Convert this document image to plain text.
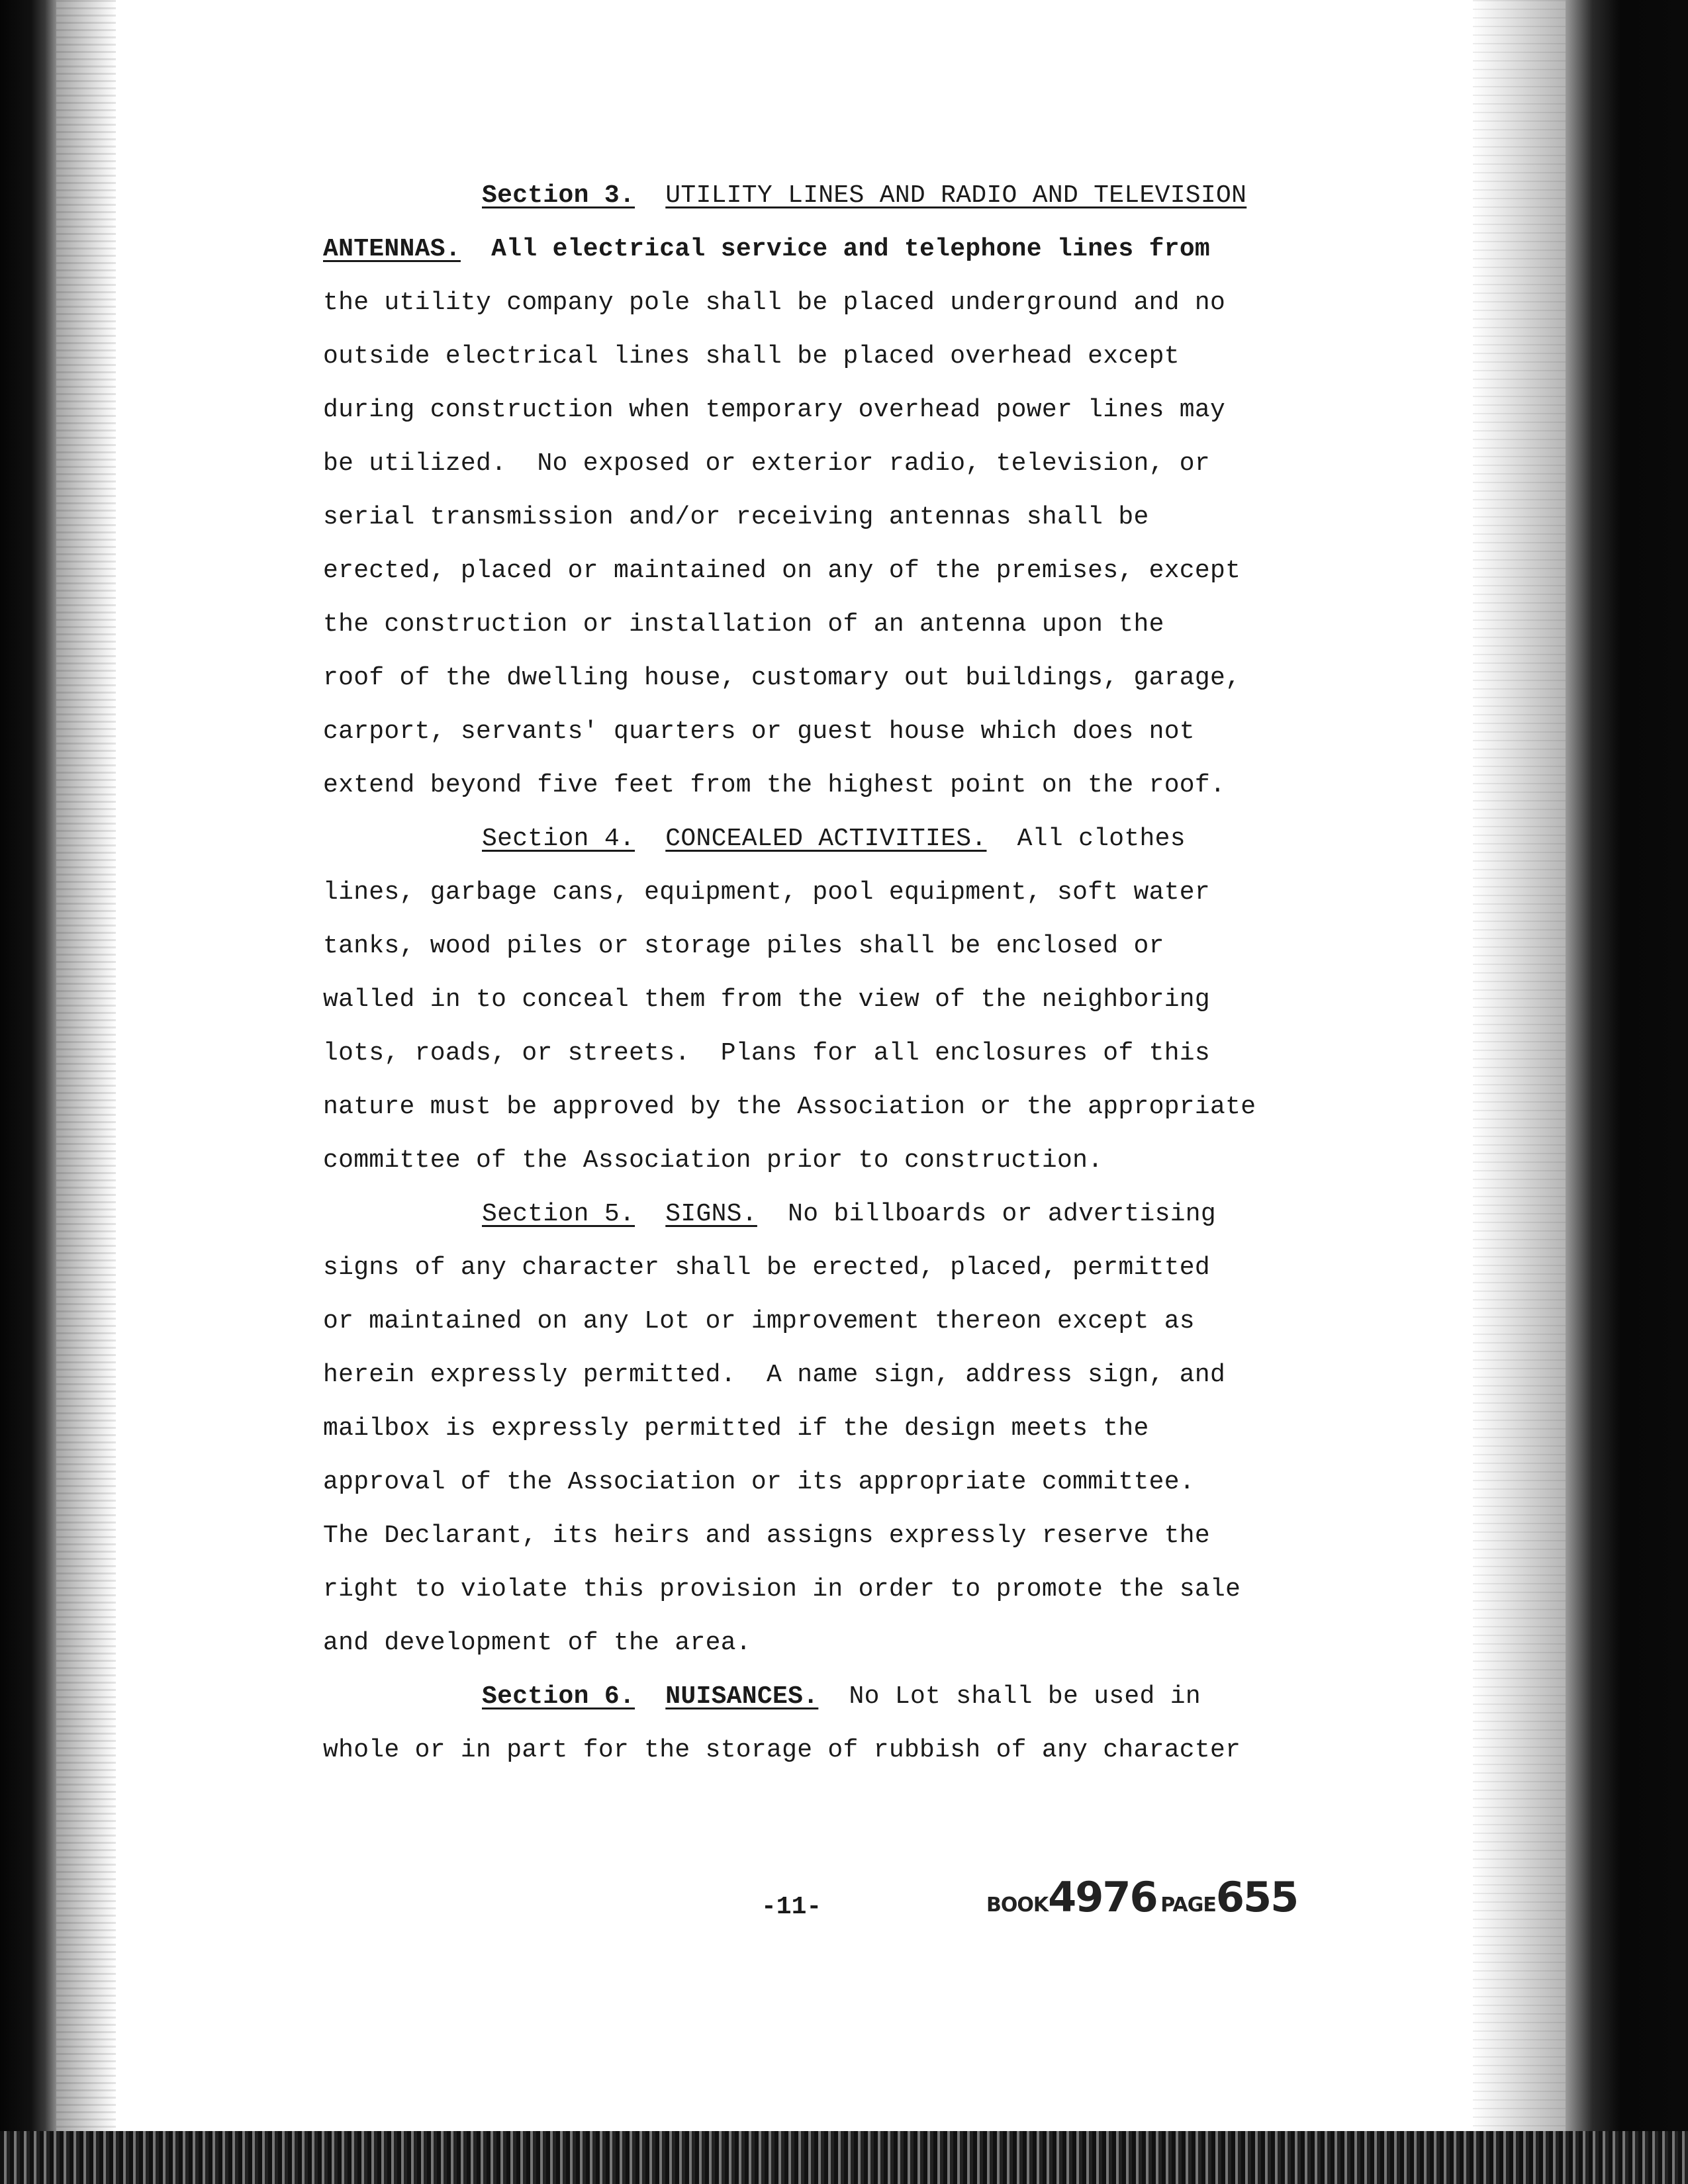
Section 3. UTILITY LINES AND RADIO AND TELEVISION
ANTENNAS. All electrical service and telephone lines from
the utility company pole shall be placed underground and no
outside electrical lines shall be placed overhead except
during construction when temporary overhead power lines may
be utilized.  No exposed or exterior radio, television, or
serial transmission and/or receiving antennas shall be
erected, placed or maintained on any of the premises, except
the construction or installation of an antenna upon the
roof of the dwelling house, customary out buildings, garage,
carport, servants' quarters or guest house which does not
extend beyond five feet from the highest point on the roof.
Section 4. CONCEALED ACTIVITIES. All clothes
lines, garbage cans, equipment, pool equipment, soft water
tanks, wood piles or storage piles shall be enclosed or
walled in to conceal them from the view of the neighboring
lots, roads, or streets.  Plans for all enclosures of this
nature must be approved by the Association or the appropriate
committee of the Association prior to construction.
Section 5. SIGNS. No billboards or advertising
signs of any character shall be erected, placed, permitted
or maintained on any Lot or improvement thereon except as
herein expressly permitted.  A name sign, address sign, and
mailbox is expressly permitted if the design meets the
approval of the Association or its appropriate committee.
The Declarant, its heirs and assigns expressly reserve the
right to violate this provision in order to promote the sale
and development of the area.
Section 6. NUISANCES. No Lot shall be used in
whole or in part for the storage of rubbish of any character
-11-	BOOK4976 PAGE655
